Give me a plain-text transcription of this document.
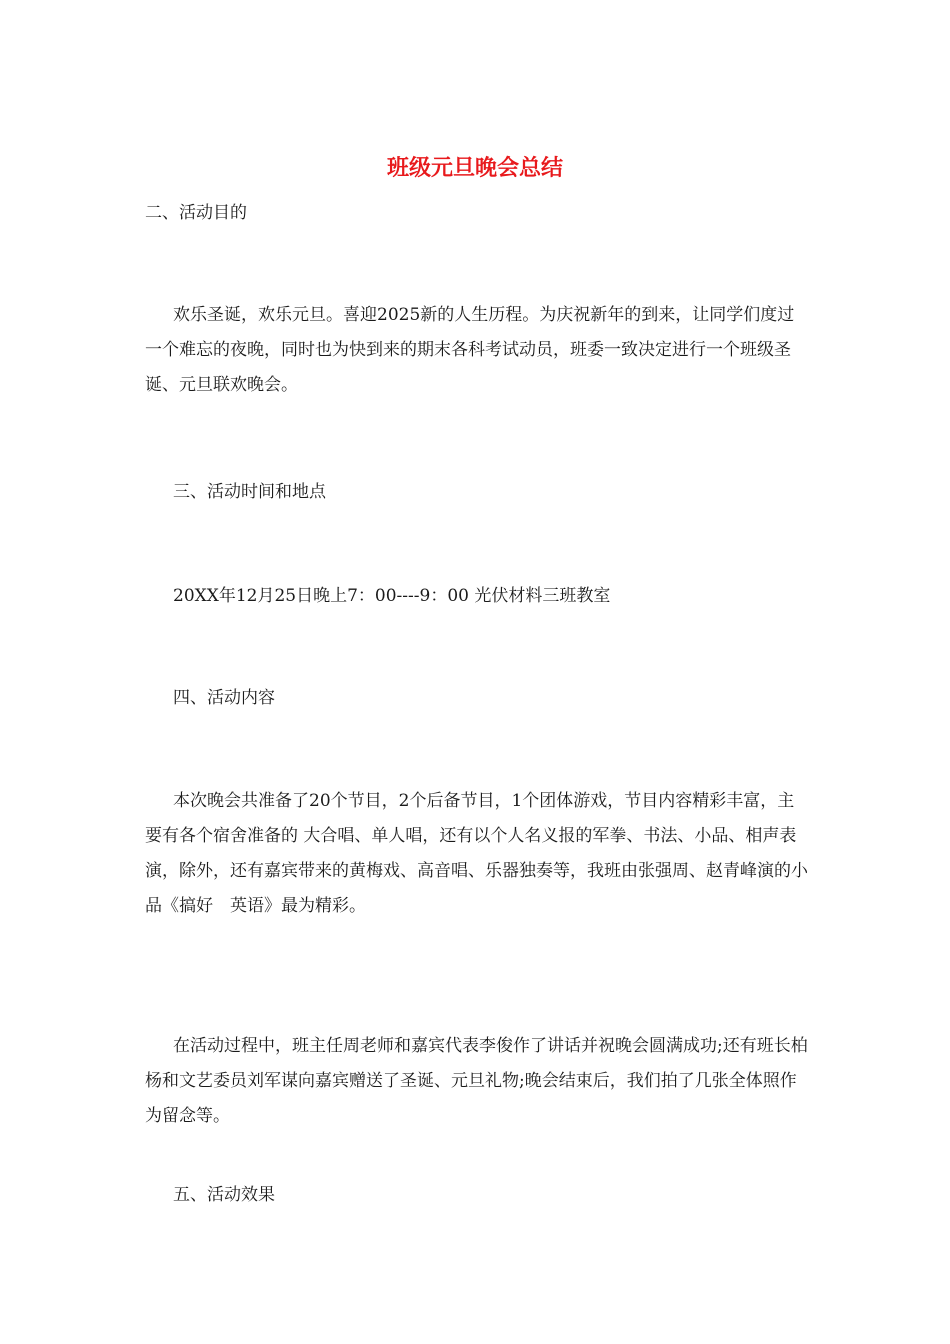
班级元旦晚会总结

二、活动目的

欢乐圣诞，欢乐元旦。喜迎2025新的人生历程。为庆祝新年的到来，让同学们度过一个难忘的夜晚，同时也为快到来的期末各科考试动员，班委一致决定进行一个班级圣诞、元旦联欢晚会。

三、活动时间和地点

20XX年12月25日晚上7：00----9：00 光伏材料三班教室

四、活动内容

本次晚会共准备了20个节目，2个后备节目，1个团体游戏，节目内容精彩丰富，主要有各个宿舍准备的 大合唱、单人唱，还有以个人名义报的军拳、书法、小品、相声表演，除外，还有嘉宾带来的黄梅戏、高音唱、乐器独奏等，我班由张强周、赵青峰演的小品《搞好　英语》最为精彩。

在活动过程中，班主任周老师和嘉宾代表李俊作了讲话并祝晚会圆满成功;还有班长柏杨和文艺委员刘军谋向嘉宾赠送了圣诞、元旦礼物;晚会结束后，我们拍了几张全体照作为留念等。

五、活动效果
